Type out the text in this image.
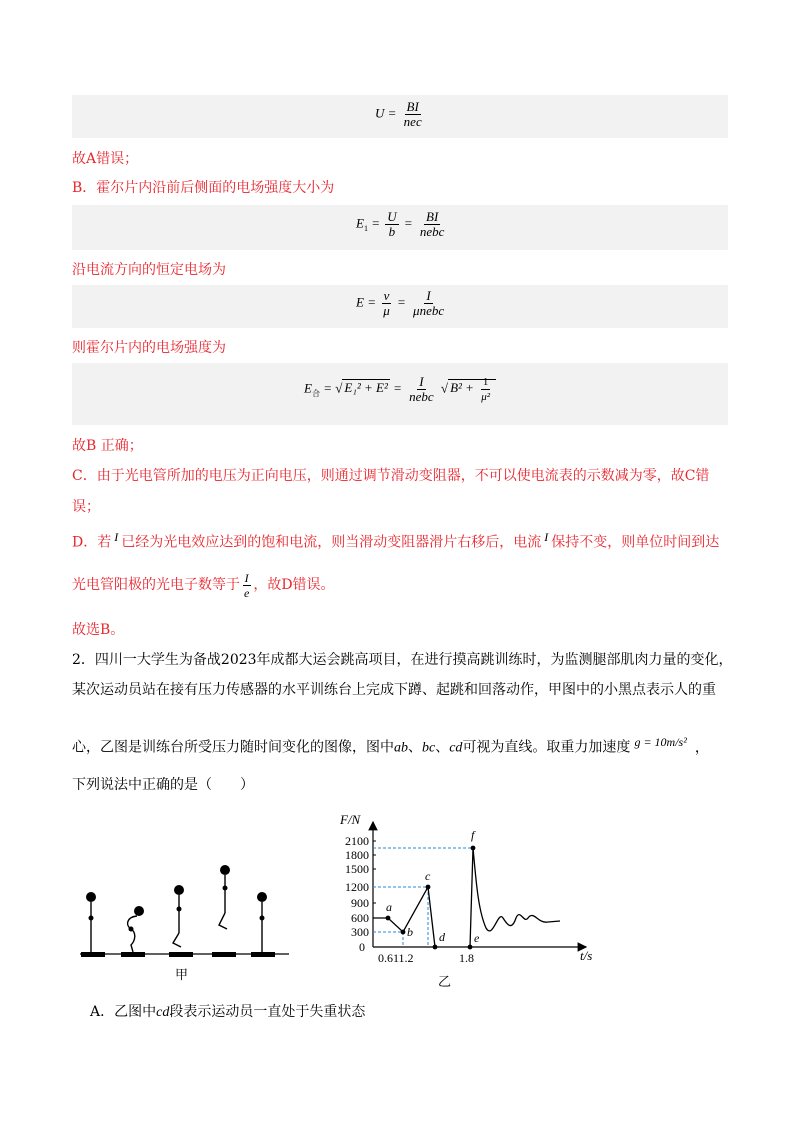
$U = \frac{BI}{\text{nec}}$
故A错误；
B．霍尔片内沿前后侧面的电场强度大小为
$E_1 = \frac{U}{b} = \frac{BI}{\text{nebc}}$
沿电流方向的恒定电场为
$E = \frac{v}{\mu} = \frac{I}{\text{μnebc}}$
则霍尔片内的电场强度为
$E_合$ = √ $E_1^2 + E^2 = \frac{I}{\text{nebc}}$ √ $B^2 + \frac{1}{\text{μ²}}$
故B 正确；
C．由于光电管所加的电压为正向电压，则通过调节滑动变阻器，不可以使电流表的示数减为零，故C错
误；
D．若 I 已经为光电效应达到的饱和电流，则当滑动变阻器滑片右移后，电流 I 保持不变，则单位时间到达
光电管阳极的光电子数等于 $\frac{I}{e}$ ，故D错误。
故选B。
2．四川一大学生为备战2023年成都大运会跳高项目，在进行摸高跳训练时，为监测腿部肌肉力量的变化，
某次运动员站在接有压力传感器的水平训练台上完成下蹲、起跳和回落动作，甲图中的小黑点表示人的重
心，乙图是训练台所受压力随时间变化的图像，图中ab、bc、cd可视为直线。取重力加速度 g = 10m/s² ，
下列说法中正确的是（　　）
甲
300
600
900
1200
1500
1800
2100
0
0.611.2	1.8
a
b
c
d e
f
F/N
t/s
乙
A．乙图中cd段表示运动员一直处于失重状态
